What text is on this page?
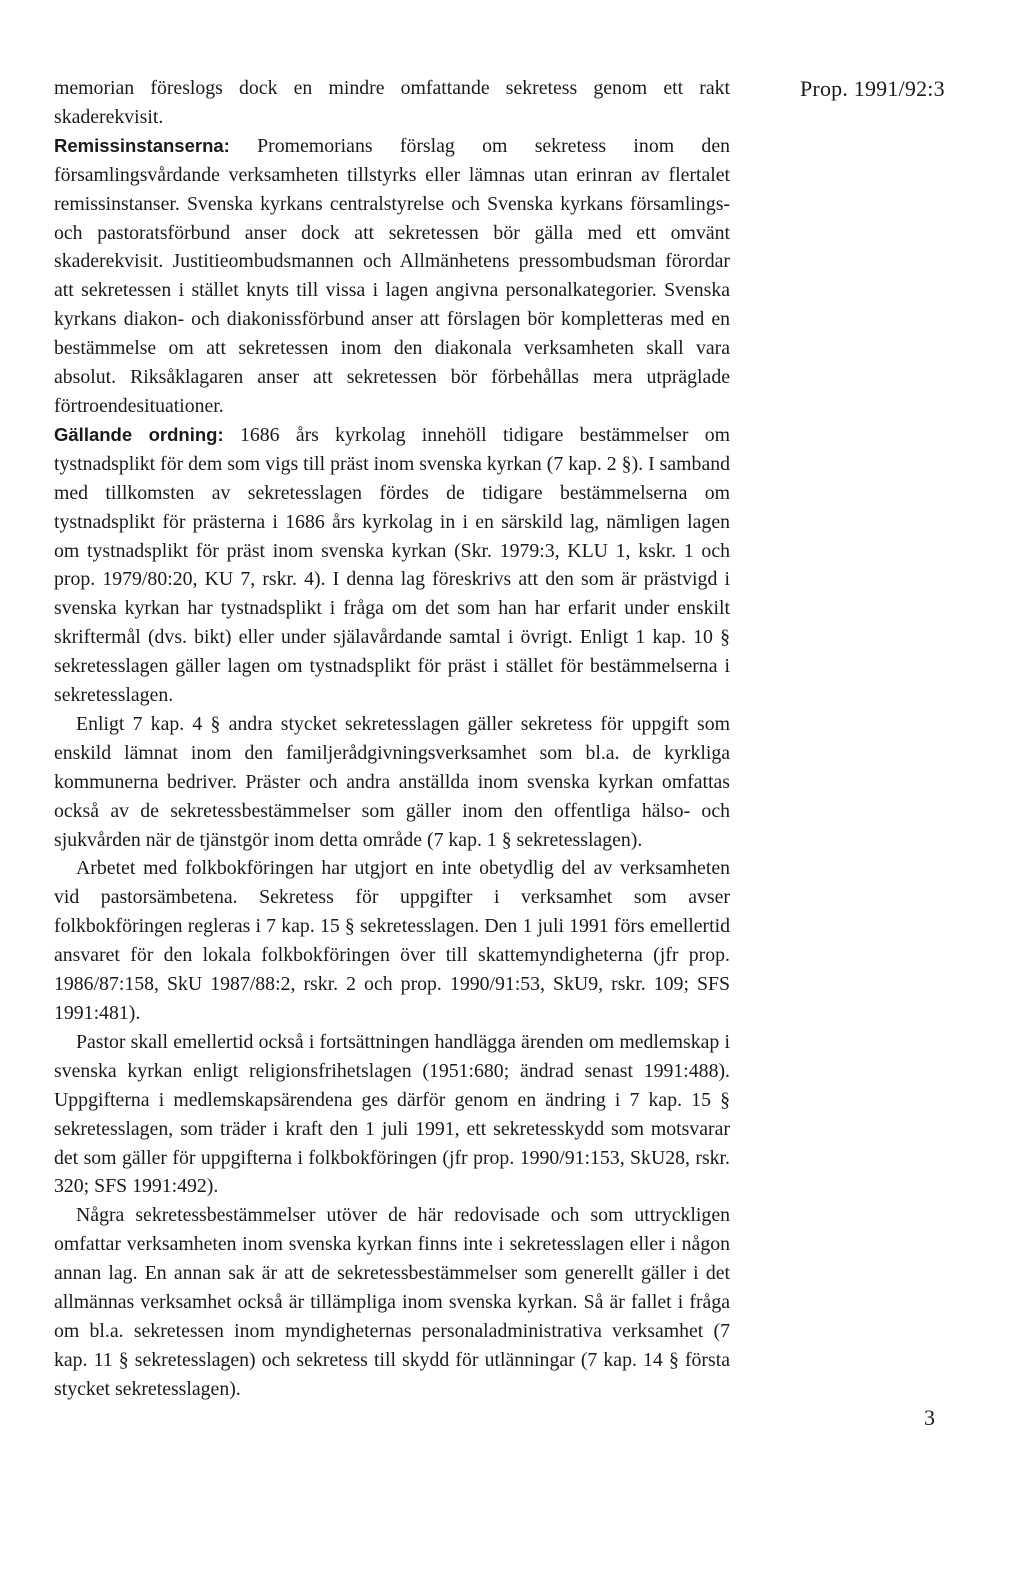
Prop. 1991/92:3

memorian föreslogs dock en mindre omfattande sekretess genom ett rakt skaderekvisit.

Remissinstanserna: Promemorians förslag om sekretess inom den församlingsvårdande verksamheten tillstyrks eller lämnas utan erinran av flertalet remissinstanser. Svenska kyrkans centralstyrelse och Svenska kyrkans församlings- och pastoratsförbund anser dock att sekretessen bör gälla med ett omvänt skaderekvisit. Justitieombudsmannen och Allmänhetens pressombudsman förordar att sekretessen i stället knyts till vissa i lagen angivna personalkategorier. Svenska kyrkans diakon- och diakonissförbund anser att förslagen bör kompletteras med en bestämmelse om att sekretessen inom den diakonala verksamheten skall vara absolut. Riksåklagaren anser att sekretessen bör förbehållas mera utpräglade förtroendesituationer.

Gällande ordning: 1686 års kyrkolag innehöll tidigare bestämmelser om tystnadsplikt för dem som vigs till präst inom svenska kyrkan (7 kap. 2 §). I samband med tillkomsten av sekretesslagen fördes de tidigare bestämmelserna om tystnadsplikt för prästerna i 1686 års kyrkolag in i en särskild lag, nämligen lagen om tystnadsplikt för präst inom svenska kyrkan (Skr. 1979:3, KLU 1, kskr. 1 och prop. 1979/80:20, KU 7, rskr. 4). I denna lag föreskrivs att den som är prästvigd i svenska kyrkan har tystnadsplikt i fråga om det som han har erfarit under enskilt skriftermål (dvs. bikt) eller under själavårdande samtal i övrigt. Enligt 1 kap. 10 § sekretesslagen gäller lagen om tystnadsplikt för präst i stället för bestämmelserna i sekretesslagen.

Enligt 7 kap. 4 § andra stycket sekretesslagen gäller sekretess för uppgift som enskild lämnat inom den familjerådgivningsverksamhet som bl.a. de kyrkliga kommunerna bedriver. Präster och andra anställda inom svenska kyrkan omfattas också av de sekretessbestämmelser som gäller inom den offentliga hälso- och sjukvården när de tjänstgör inom detta område (7 kap. 1 § sekretesslagen).

Arbetet med folkbokföringen har utgjort en inte obetydlig del av verksamheten vid pastorsämbetena. Sekretess för uppgifter i verksamhet som avser folkbokföringen regleras i 7 kap. 15 § sekretesslagen. Den 1 juli 1991 förs emellertid ansvaret för den lokala folkbokföringen över till skattemyndigheterna (jfr prop. 1986/87:158, SkU 1987/88:2, rskr. 2 och prop. 1990/91:53, SkU9, rskr. 109; SFS 1991:481).

Pastor skall emellertid också i fortsättningen handlägga ärenden om medlemskap i svenska kyrkan enligt religionsfrihetslagen (1951:680; ändrad senast 1991:488). Uppgifterna i medlemskapsärendena ges därför genom en ändring i 7 kap. 15 § sekretesslagen, som träder i kraft den 1 juli 1991, ett sekretesskydd som motsvarar det som gäller för uppgifterna i folkbokföringen (jfr prop. 1990/91:153, SkU28, rskr. 320; SFS 1991:492).

Några sekretessbestämmelser utöver de här redovisade och som uttryckligen omfattar verksamheten inom svenska kyrkan finns inte i sekretesslagen eller i någon annan lag. En annan sak är att de sekretessbestämmelser som generellt gäller i det allmännas verksamhet också är tillämpliga inom svenska kyrkan. Så är fallet i fråga om bl.a. sekretessen inom myndigheternas personaladministrativa verksamhet (7 kap. 11 § sekretesslagen) och sekretess till skydd för utlänningar (7 kap. 14 § första stycket sekretesslagen).

3
